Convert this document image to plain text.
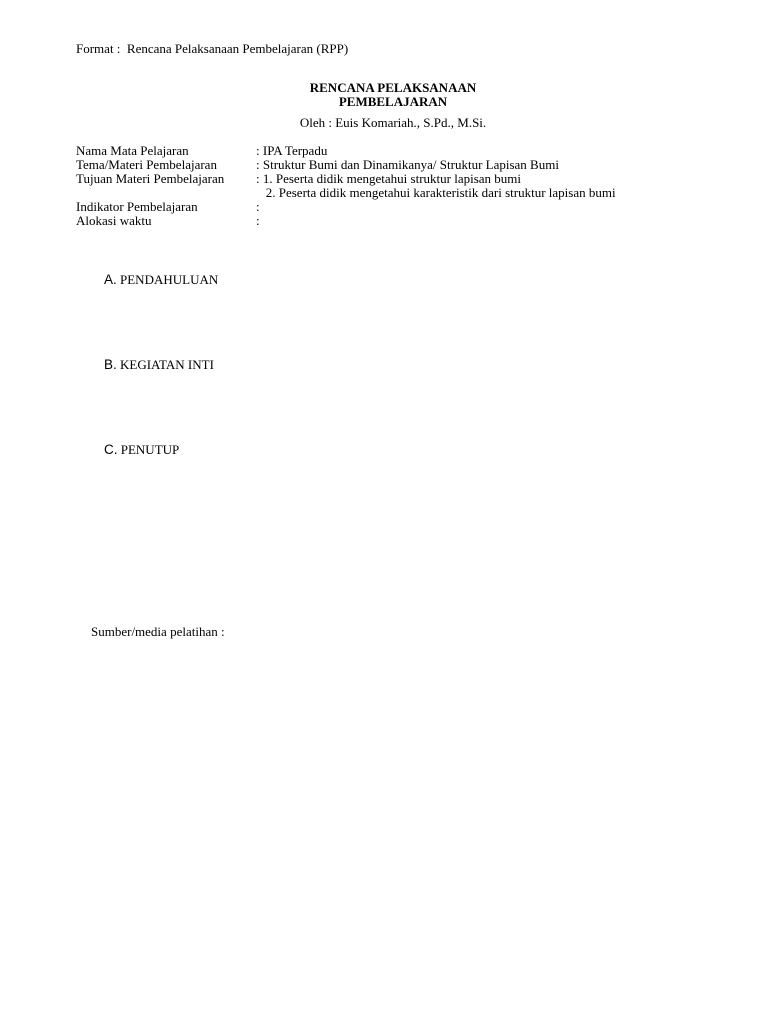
Format :  Rencana Pelaksanaan Pembelajaran (RPP)
RENCANA PELAKSANAAN
PEMBELAJARAN
Oleh : Euis Komariah., S.Pd., M.Si.
Nama Mata Pelajaran	: IPA Terpadu
Tema/Materi Pembelajaran	: Struktur Bumi dan Dinamikanya/ Struktur Lapisan Bumi
Tujuan Materi Pembelajaran	: 1. Peserta didik mengetahui struktur lapisan bumi
2. Peserta didik mengetahui karakteristik dari struktur lapisan bumi
Indikator Pembelajaran	:
Alokasi waktu	:

A. PENDAHULUAN

B. KEGIATAN INTI

C. PENUTUP

Sumber/media pelatihan :
